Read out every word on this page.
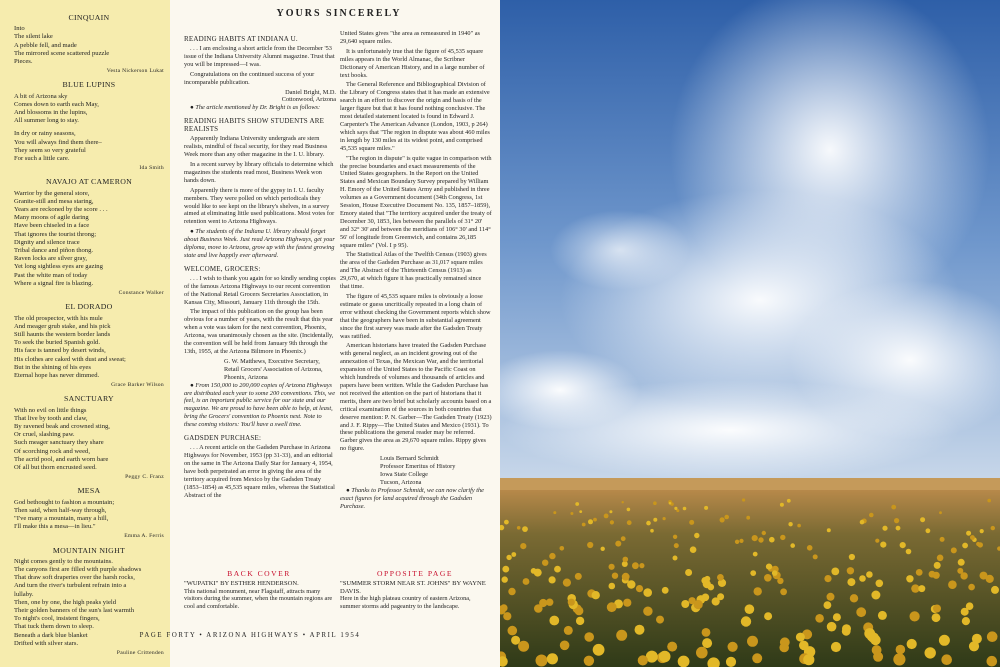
CINQUAIN
Into
The silent lake
A pebble fell, and made
The mirrored scene scattered puzzle
Pieces.
Vesta Nickerson Lukat
BLUE LUPINS
A bit of Arizona sky
Comes down to earth each May,
And blossoms in the lupins,
All summer long to stay.
In dry or rainy seasons,
You will always find them there–
They seem so very grateful
For such a little care.
Ida Smith
NAVAJO AT CAMERON
Warrior by the general store,
Granite-still and mesa staring,
Years are reckoned by the score . . .
Many moons of agile daring
Have been chiseled in a face
That ignores the tourist throng;
Dignity and silence trace
Tribal dance and piñon thong.
Raven locks are silver gray,
Yet long sightless eyes are gazing
Past the white man of today
Where a signal fire is blazing.
Constance Walker
EL DORADO
The old prospector, with his mule
And meager grub stake, and his pick
Still haunts the western border lands
To seek the buried Spanish gold.
His face is tanned by desert winds,
His clothes are caked with dust and sweat;
But in the shining of his eyes
Eternal hope has never dimmed.
Grace Barker Wilson
SANCTUARY
With no evil on little things
That live by tooth and claw,
By ravened beak and crowned sting,
Or cruel, slashing paw.
Such meager sanctuary they share
Of scorching rock and weed,
The acrid pool, and earth worn bare
Of all but thorn encrusted seed.
Peggy C. Franz
MESA
God bethought to fashion a mountain;
Then said, when half-way through,
"I've many a mountain, many a hill,
I'll make this a mesa—in lieu."
Emma A. Ferris
MOUNTAIN NIGHT
Night comes gently to the mountains.
The canyons first are filled with purple shadows
That draw soft draperies over the harsh rocks,
And turn the river's turbulent refrain into a
lullaby.
Then, one by one, the high peaks yield
Their golden banners of the sun's last warmth
To night's cool, insistent fingers,
That tuck them down to sleep.
Beneath a dark blue blanket
Drifted with silver stars.
Pauline Crittenden
YOURS SINCERELY
READING HABITS AT INDIANA U.

. . . I am enclosing a short article from the December '53 issue of the Indiana University Alumni magazine. Trust that you will be impressed—I was.

Congratulations on the continued success of your incomparable publication.

Daniel Bright, M.D.

Cottonwood, Arizona

● The article mentioned by Dr. Bright is as follows:

READING HABITS SHOW STUDENTS ARE REALISTS

Apparently Indiana University undergrads are stern realists, mindful of fiscal security, for they read Business Week more than any other magazine in the I. U. library.

In a recent survey by library officials to determine which magazines the students read most, Business Week won hands down.

Apparently there is more of the gypsy in I. U. faculty members. They were polled on which periodicals they would like to see kept on the library's shelves, in a survey aimed at eliminating little used publications. Most votes for retention went to Arizona Highways.

● The students of the Indiana U. library should forget about Business Week. Just read Arizona Highways, get your diploma, move to Arizona, grow up with the fastest growing state and live happily ever afterward.

WELCOME, GROCERS:

. . . I wish to thank you again for so kindly sending copies of the famous Arizona Highways to our recent convention of the National Retail Grocers Secretaries Association, in Kansas City, Missouri, January 11th through the 15th.

The impact of this publication on the group has been obvious for a number of years, with the result that this year when a vote was taken for the next convention, Phoenix, Arizona, was unanimously chosen as the site. (Incidentally, the convention will be held from January 9th through the 13th, 1955, at the Arizona Biltmore in Phoenix.)

G. W. Matthews, Executive Secretary,

Retail Grocers' Association of Arizona,

Phoenix, Arizona

● From 150,000 to 200,000 copies of Arizona Highways are distributed each year to some 200 conventions. This, we feel, is an important public service for our state and our magazine. We are proud to have been able to help, at least, bring the Grocers' convention to Phoenix next. Note to these coming visitors: You'll have a swell time.

GADSDEN PURCHASE:

. . . A recent article on the Gadsden Purchase in Arizona Highways for November, 1953 (pp 31-33), and an editorial on the same in The Arizona Daily Star for January 4, 1954, have both perpetrated an error in giving the area of the territory acquired from Mexico by the Gadsden Treaty (1853–1854) as 45,535 square miles, whereas the Statistical Abstract of the

United States gives "the area as remeasured in 1940" as 29,640 square miles.

It is unfortunately true that the figure of 45,535 square miles appears in the World Almanac, the Scribner Dictionary of American History, and in a large number of text books.

The General Reference and Bibliographical Division of the Library of Congress states that it has made an extensive search in an effort to discover the origin and basis of the larger figure but that it has found nothing conclusive. The most detailed statement located is found in Edward J. Carpenter's The American Advance (London, 1903, p 264) which says that "The region in dispute was about 460 miles in length by 130 miles at its widest point, and comprised 45,535 square miles."

"The region in dispute" is quite vague in comparison with the precise boundaries and exact measurements of the United States geographers. In the Report on the United States and Mexican Boundary Survey prepared by William H. Emory of the United States Army and published in three volumes as a Government document (34th Congress, 1st Session, House Executive Document No. 135, 1857–1859), Emory stated that "The territory acquired under the treaty of December 30, 1853, lies between the parallels of 31° 20' and 32° 30' and between the meridians of 106° 30' and 114° 56' of longitude from Greenwich, and contains 26,185 square miles" (Vol. I p 95).

The Statistical Atlas of the Twelfth Census (1903) gives the area of the Gadsden Purchase as 31,017 square miles and The Abstract of the Thirteenth Census (1913) as 29,670, at which figure it has practically remained since that time.

The figure of 45,535 square miles is obviously a loose estimate or guess uncritically repeated in a long chain of error without checking the Government reports which show that the geographers have been in substantial agreement since the first survey was made after the Gadsden Treaty was ratified.

American historians have treated the Gadsden Purchase with general neglect, as an incident growing out of the annexation of Texas, the Mexican War, and the territorial expansion of the United States to the Pacific Coast on which hundreds of volumes and thousands of articles and papers have been written. While the Gadsden Purchase has not received the attention on the part of historians that it merits, there are two brief but scholarly accounts based on a critical examination of the sources in both countries that deserve mention: P. N. Garber—The Gadsden Treaty (1923) and J. F. Rippy—The United States and Mexico (1931). To these publications the general reader may be referred. Garber gives the area as 29,670 square miles. Rippy gives no figure.

Louis Bernard Schmidt

Professor Emeritus of History

Iowa State College

Tucson, Arizona

● Thanks to Professor Schmidt, we can now clarify the exact figures for land acquired through the Gadsden Purchase.

BACK COVER
"WUPATKI" BY ESTHER HENDERSON.
This national monument, near Flagstaff, attracts many visitors during the summer, when the mountain regions are cool and comfortable.
OPPOSITE PAGE
"SUMMER STORM NEAR ST. JOHNS" BY WAYNE DAVIS.
Here in the high plateau country of eastern Arizona, summer storms add pageantry to the landscape.
PAGE FORTY • ARIZONA HIGHWAYS • APRIL 1954
